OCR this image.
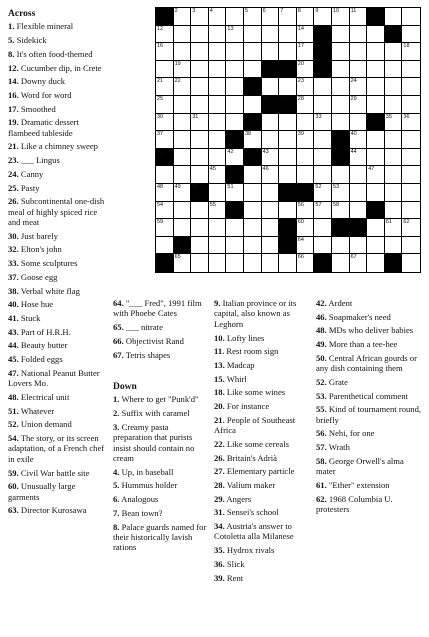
1	2	3	4	5	6	7	8	9	10 11
12	13	14	15
16	17	18
19	20
21 22	23	24
25	26 27 28	29
30	31	32	33	34 35 36
37	38	39	40
41	42	43	44
45	46	47
48 49 50	51	52 53
54	55	56 57 58
59	60	61 62
63	64
65	66	67
Across
1. Flexible mineral
5. Sidekick
8. It's often food-themed
12. Cucumber dip, in Crete
14. Downy duck
16. Word for word
17. Smoothed
19. Dramatic dessert flambeed tableside
21. Like a chimney sweep
23. ___ Lingus
24. Canny
25. Pasty
26. Subcontinental one-dish meal of highly spiced rice and meat
30. Just barely
32. Elton's john
33. Some sculptures
37. Goose egg
38. Verbal white flag
40. Hose hue
41. Stuck
43. Part of H.R.H.
44. Beauty butter
45. Folded eggs
47. National Peanut Butter Lovers Mo.
48. Electrical unit
51. Whatever
52. Union demand
54. The story, or its screen adaptation, of a French chef in exile
59. Civil War battle site
60. Unusually large garments
63. Director Kurosawa
64. "___ Fred", 1991 film with Phoebe Cates
65. ___ nitrate
66. Objectivist Rand
67. Tetris shapes
Down
1. Where to get "Punk'd"
2. Suffix with caramel
3. Creamy pasta preparation that purists insist should contain no cream
4. Up, in baseball
5. Hummus holder
6. Analogous
7. Bean town?
8. Palace guards named for their historically lavish rations
9. Italian province or its capital, also known as Leghorn
10. Lofty lines
11. Rest room sign
13. Madcap
15. Whirl
18. Like some wines
20. For instance
21. People of Southeast Africa
22. Like some cereals
26. Britain's Adrià
27. Elementary particle
28. Valium maker
29. Angers
31. Sensei's school
34. Austria's answer to Cotoletta alla Milanese
35. Hydrox rivals
36. Slick
39. Rent
42. Ardent
46. Soapmaker's need
48. MDs who deliver babies
49. More than a tee-hee
50. Central African gourds or any dish containing them
52. Grate
53. Parenthetical comment
55. Kind of tournament round, briefly
56. Nehi, for one
57. Wrath
58. George Orwell's alma mater
61. "Ether" extension
62. 1968 Columbia U. protesters
